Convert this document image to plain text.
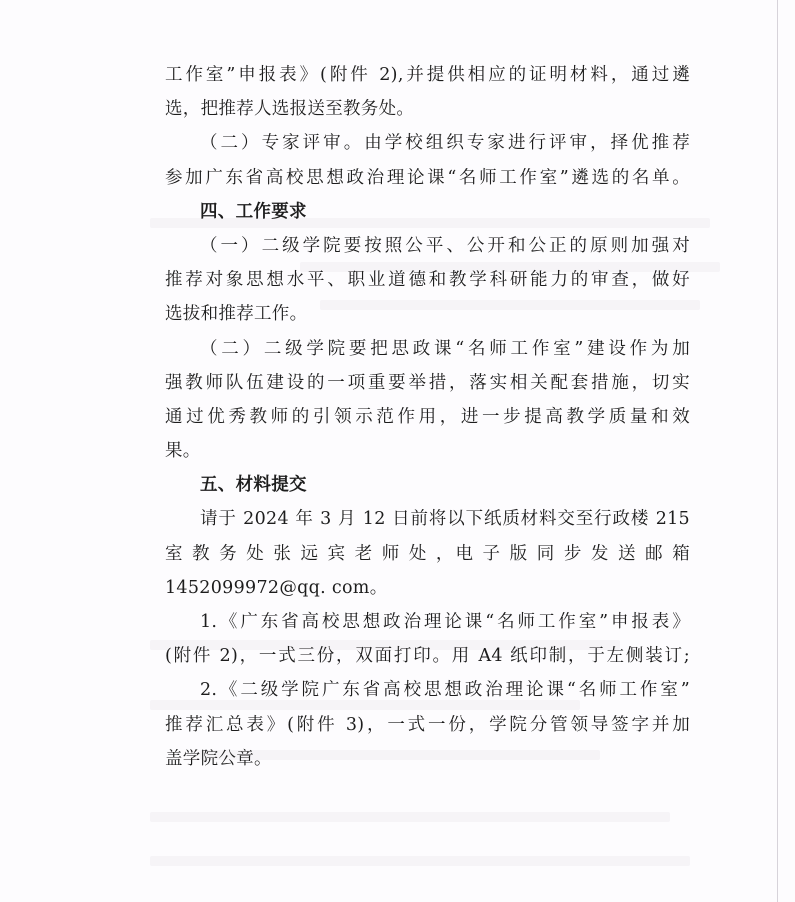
工作室”申报表》(附件 2),并提供相应的证明材料，通过遴
选，把推荐人选报送至教务处。
（二）专家评审。由学校组织专家进行评审，择优推荐
参加广东省高校思想政治理论课“名师工作室”遴选的名单。
四、工作要求
（一）二级学院要按照公平、公开和公正的原则加强对
推荐对象思想水平、职业道德和教学科研能力的审查，做好
选拔和推荐工作。
（二）二级学院要把思政课“名师工作室”建设作为加
强教师队伍建设的一项重要举措，落实相关配套措施，切实
通过优秀教师的引领示范作用，进一步提高教学质量和效
果。
五、材料提交
请于 2024 年 3 月 12 日前将以下纸质材料交至行政楼 215
室 教 务 处 张 远 宾 老 师 处 ，电 子 版 同 步 发 送 邮 箱
1452099972@qq. com。
1.《广东省高校思想政治理论课“名师工作室”申报表》
(附件 2)，一式三份，双面打印。用 A4 纸印制，于左侧装订;
2.《二级学院广东省高校思想政治理论课“名师工作室”
推荐汇总表》(附件 3)，一式一份，学院分管领导签字并加
盖学院公章。
